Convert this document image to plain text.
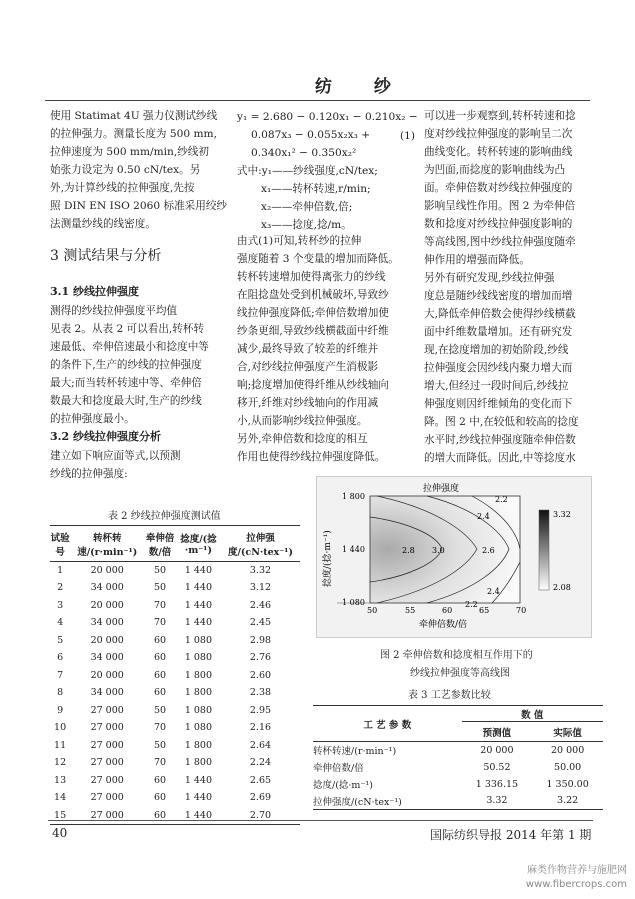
纺 纱
使用 Statimat 4U 强力仪测试纱线
的拉伸强力。测量长度为 500 mm,
拉伸速度为 500 mm/min,纱线初
始张力设定为 0.50 cN/tex。另
外,为计算纱线的拉伸强度,先按
照 DIN EN ISO 2060 标准采用绞纱
法测量纱线的线密度。
3 测试结果与分析
3.1 纱线拉伸强度
测得的纱线拉伸强度平均值
见表 2。从表 2 可以看出,转杯转
速最低、牵伸倍速最小和捻度中等
的条件下,生产的纱线的拉伸强度
最大;而当转杯转速中等、牵伸倍
数最大和捻度最大时,生产的纱线
的拉伸强度最小。
3.2 纱线拉伸强度分析
建立如下响应面等式,以预测
纱线的拉伸强度:
y₁ = 2.680 − 0.120x₁ − 0.210x₂ −
0.087x₃ − 0.055x₂x₃ +
0.340x₁² − 0.350x₂²
(1)
式中:y₁——纱线强度,cN/tex;
x₁——转杯转速,r/min;
x₂——牵伸倍数,倍;
x₃——捻度,捻/m。
由式(1)可知,转杯纱的拉伸
强度随着 3 个变量的增加而降低。
转杯转速增加使得离张力的纱线
在阻捻盘处受到机械破坏,导致纱
线拉伸强度降低;牵伸倍数增加使
纱条更细,导致纱线横截面中纤维
减少,最终导致了较差的纤维并
合,对纱线拉伸强度产生消极影
响;捻度增加使得纤维从纱线轴向
移开,纤维对纱线轴向的作用减
小,从而影响纱线拉伸强度。
另外,牵伸倍数和捻度的相互
作用也使得纱线拉伸强度降低。
可以进一步观察到,转杯转速和捻
度对纱线拉伸强度的影响呈二次
曲线变化。转杯转速的影响曲线
为凹面,而捻度的影响曲线为凸
面。牵伸倍数对纱线拉伸强度的
影响呈线性作用。图 2 为牵伸倍
数和捻度对纱线拉伸强度影响的
等高线图,图中纱线拉伸强度随牵
伸作用的增强而降低。
另外有研究发现,纱线拉伸强
度总是随纱线线密度的增加而增
大,降低牵伸倍数会使得纱线横截
面中纤维数量增加。还有研究发
现,在捻度增加的初始阶段,纱线
拉伸强度会因纱线内聚力增大而
增大,但经过一段时间后,纱线拉
伸强度则因纤维倾角的变化而下
降。图 2 中,在较低和较高的捻度
水平时,纱线拉伸强度随牵伸倍数
的增大而降低。因此,中等捻度水
表 2 纱线拉伸强度测试值
试验号	转杯转速/(r·min⁻¹)	牵伸倍数/倍	捻度/(捻·m⁻¹)	拉伸强度/(cN·tex⁻¹)
1	20 000	50	1 440	3.32
2	34 000	50	1 440	3.12
3	20 000	70	1 440	2.46
4	34 000	70	1 440	2.45
5	20 000	60	1 080	2.98
6	34 000	60	1 080	2.76
7	20 000	60	1 800	2.60
8	34 000	60	1 800	2.38
9	27 000	50	1 080	2.95
10	27 000	70	1 080	2.16
11	27 000	50	1 800	2.64
12	27 000	70	1 800	2.24
13	27 000	60	1 440	2.65
14	27 000	60	1 440	2.69
15	27 000	60	1 440	2.70
拉伸强度
2.2
2.4
2.8 3.0	2.6
2.4
2.2
1 800
1 440
1 080
50	55	60	65	70
牵伸倍数/倍
捻度/(捻·m⁻¹)
3.32
2.08
图 2 牵伸倍数和捻度相互作用下的
纱线拉伸强度等高线图
表 3 工艺参数比较
工 艺 参 数	数 值	
	预测值	实际值
转杯转速/(r·min⁻¹)	20 000	20 000
牵伸倍数/倍	50.52	50.00
捻度/(捻·m⁻¹)	1 336.15	1 350.00
拉伸强度/(cN·tex⁻¹)	3.32	3.22
40	国际纺织导报 2014 年第 1 期
麻类作物营养与施肥网
www.fibercrops.com
